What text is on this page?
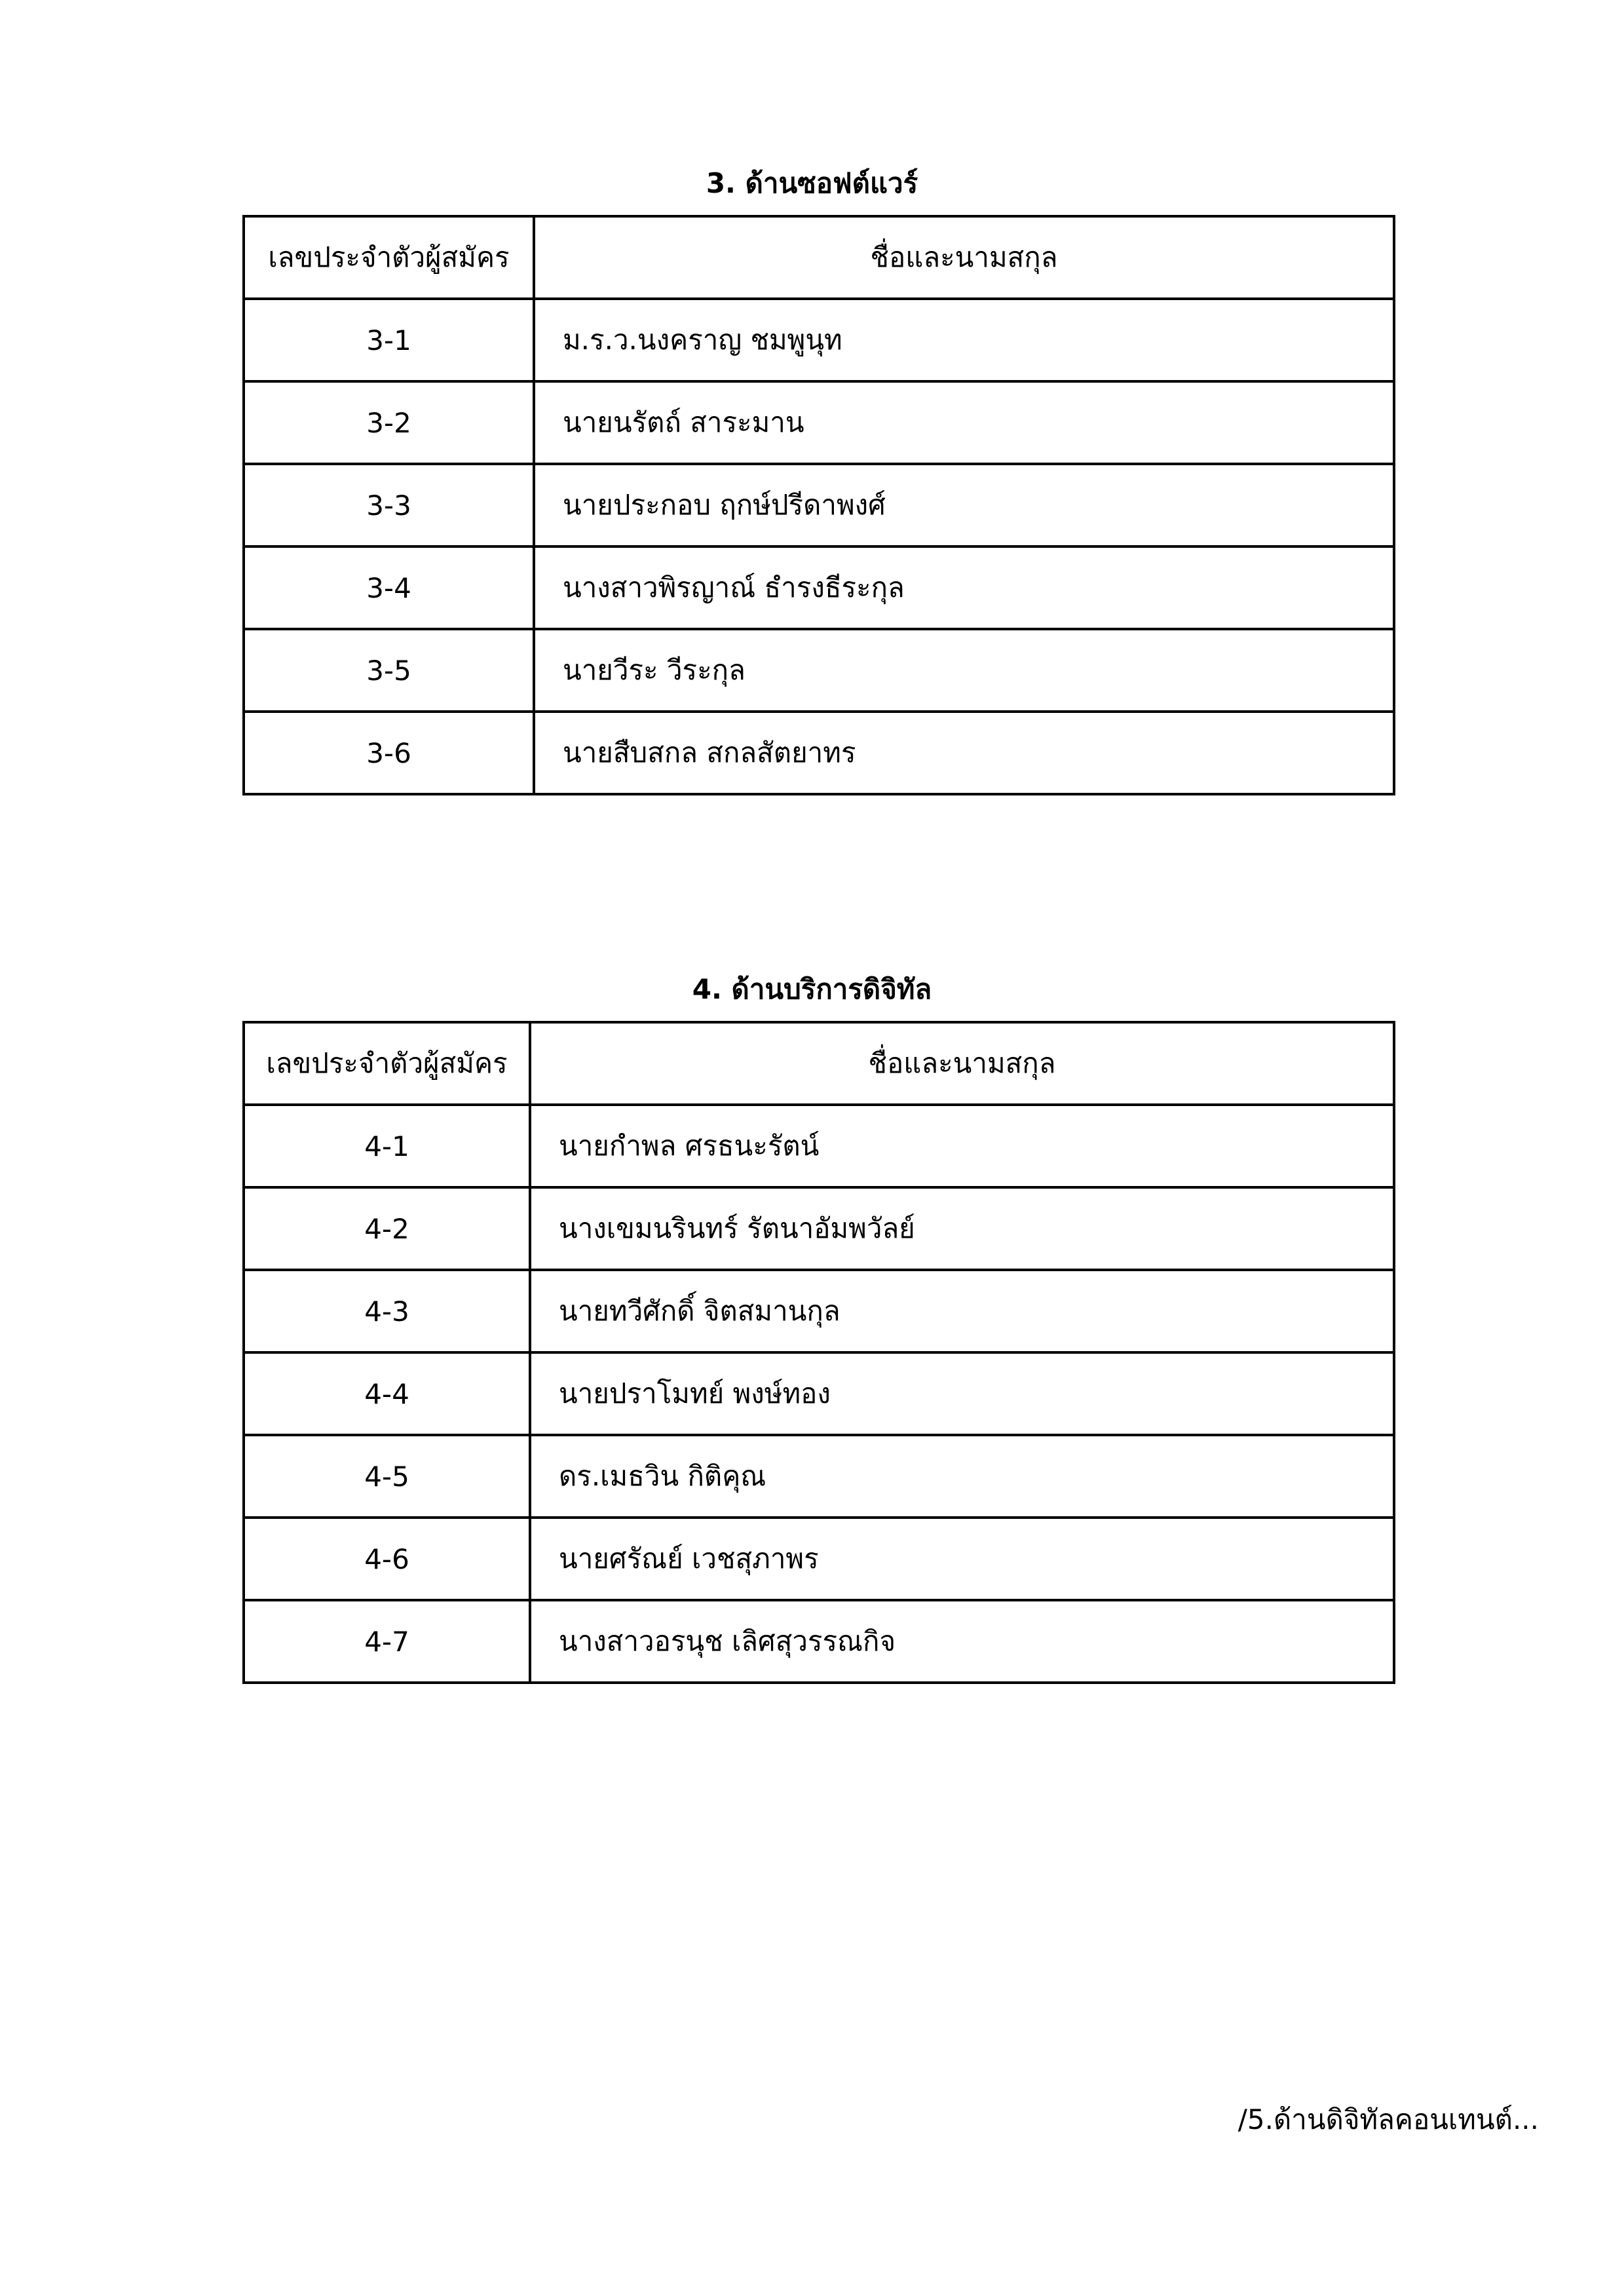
3. ด้านซอฟต์แวร์

เลขประจำตัวผู้สมัคร	ชื่อและนามสกุล
3-1	ม.ร.ว.นงคราญ ชมพูนุท
3-2	นายนรัตถ์ สาระมาน
3-3	นายประกอบ ฤกษ์ปรีดาพงศ์
3-4	นางสาวพิรญาณ์ ธำรงธีระกุล
3-5	นายวีระ วีระกุล
3-6	นายสืบสกล สกลสัตยาทร

4. ด้านบริการดิจิทัล

เลขประจำตัวผู้สมัคร	ชื่อและนามสกุล
4-1	นายกำพล ศรธนะรัตน์
4-2	นางเขมนรินทร์ รัตนาอัมพวัลย์
4-3	นายทวีศักดิ์ จิตสมานกุล
4-4	นายปราโมทย์ พงษ์ทอง
4-5	ดร.เมธวิน กิติคุณ
4-6	นายศรัณย์ เวชสุภาพร
4-7	นางสาวอรนุช เลิศสุวรรณกิจ

/5.ด้านดิจิทัลคอนเทนต์...
